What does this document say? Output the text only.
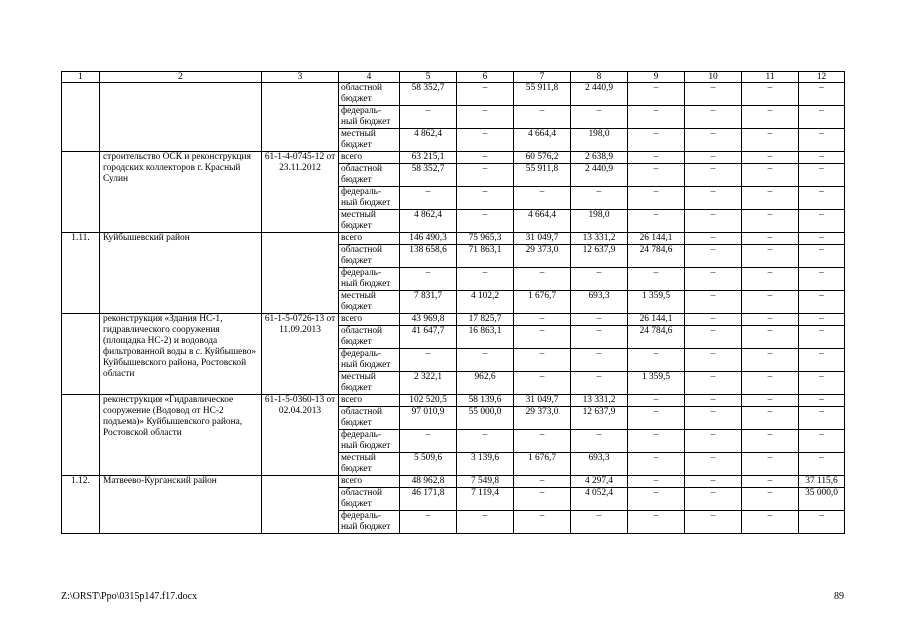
1	2	3	4	5	6	7	8	9	10	11	12
			областной бюджет	58 352,7	–	55 911,8	2 440,9	–	–	–	–
			федераль-ный бюджет	–	–	–	–	–	–	–	–
			местный бюджет	4 862,4	–	4 664,4	198,0	–	–	–	–
	строительство ОСК и реконструкция городских коллекторов г. Красный Сулин	61-1-4-0745-12 от 23.11.2012	всего	63 215,1	–	60 576,2	2 638,9	–	–	–	–
			областной бюджет	58 352,7	–	55 911,8	2 440,9	–	–	–	–
			федераль-ный бюджет	–	–	–	–	–	–	–	–
			местный бюджет	4 862,4	–	4 664,4	198,0	–	–	–	–
1.11.	Куйбышевский район		всего	146 490,3	75 965,3	31 049,7	13 331,2	26 144,1	–	–	–
			областной бюджет	138 658,6	71 863,1	29 373,0	12 637,9	24 784,6	–	–	–
			федераль-ный бюджет	–	–	–	–	–	–	–	–
			местный бюджет	7 831,7	4 102,2	1 676,7	693,3	1 359,5	–	–	–
	реконструкция «Здания НС-1, гидравлического сооружения (площадка НС-2) и водовода фильтрованной воды в с. Куйбышево» Куйбышевского района, Ростовской области	61-1-5-0726-13 от 11.09.2013	всего	43 969,8	17 825,7	–	–	26 144,1	–	–	–
			областной бюджет	41 647,7	16 863,1	–	–	24 784,6	–	–	–
			федераль-ный бюджет	–	–	–	–	–	–	–	–
			местный бюджет	2 322,1	962,6	–	–	1 359,5	–	–	–
	реконструкция «Гидравлическое сооружение (Водовод от НС-2 подъема)» Куйбышевского района, Ростовской области	61-1-5-0360-13 от 02.04.2013	всего	102 520,5	58 139,6	31 049,7	13 331,2	–	–	–	–
			областной бюджет	97 010,9	55 000,0	29 373,0	12 637,9	–	–	–	–
			федераль-ный бюджет	–	–	–	–	–	–	–	–
			местный бюджет	5 509,6	3 139,6	1 676,7	693,3	–	–	–	–
1.12.	Матвеево-Курганский район		всего	48 962,8	7 549,8	–	4 297,4	–	–	–	37 115,6
			областной бюджет	46 171,8	7 119,4	–	4 052,4	–	–	–	35 000,0
			федераль-ный бюджет	–	–	–	–	–	–	–	–
Z:\ORST\Ppo\0315p147.f17.docx	89
